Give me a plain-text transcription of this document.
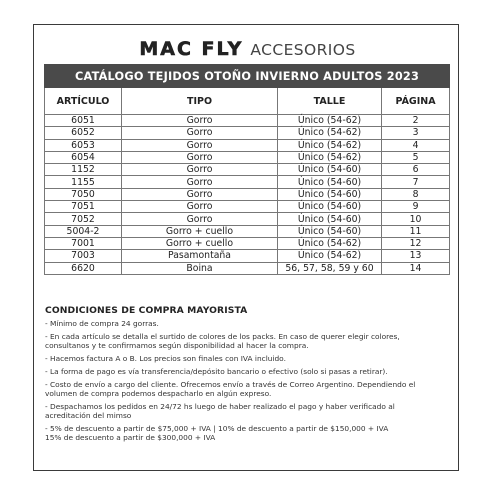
MAC FLY ACCESORIOS
CATÁLOGO TEJIDOS OTOÑO INVIERNO ADULTOS 2023			
ARTÍCULO	TIPO	TALLE	PÁGINA
6051	Gorro	Único (54-62)	2
6052	Gorro	Único (54-62)	3
6053	Gorro	Único (54-62)	4
6054	Gorro	Único (54-62)	5
1152	Gorro	Único (54-60)	6
1155	Gorro	Único (54-60)	7
7050	Gorro	Único (54-60)	8
7051	Gorro	Único (54-60)	9
7052	Gorro	Único (54-60)	10
5004-2	Gorro + cuello	Único (54-60)	11
7001	Gorro + cuello	Único (54-62)	12
7003	Pasamontaña	Único (54-62)	13
6620	Boina	56, 57, 58, 59 y 60	14
CONDICIONES DE COMPRA MAYORISTA
- Mínimo de compra 24 gorras.
- En cada artículo se detalla el surtido de colores de los packs. En caso de querer elegir colores,
consultanos y te confirmamos según disponibilidad al hacer la compra.
- Hacemos factura A o B. Los precios son finales con IVA incluido.
- La forma de pago es vía transferencia/depósito bancario o efectivo (solo si pasas a retirar).
- Costo de envío a cargo del cliente. Ofrecemos envío a través de Correo Argentino. Dependiendo el
volumen de compra podemos despacharlo en algún expreso.
- Despachamos los pedidos en 24/72 hs luego de haber realizado el pago y haber verificado al
acreditación del mimso
- 5% de descuento a partir de $75,000 + IVA | 10% de descuento a partir de $150,000 + IVA
15% de descuento a partir de $300,000 + IVA
